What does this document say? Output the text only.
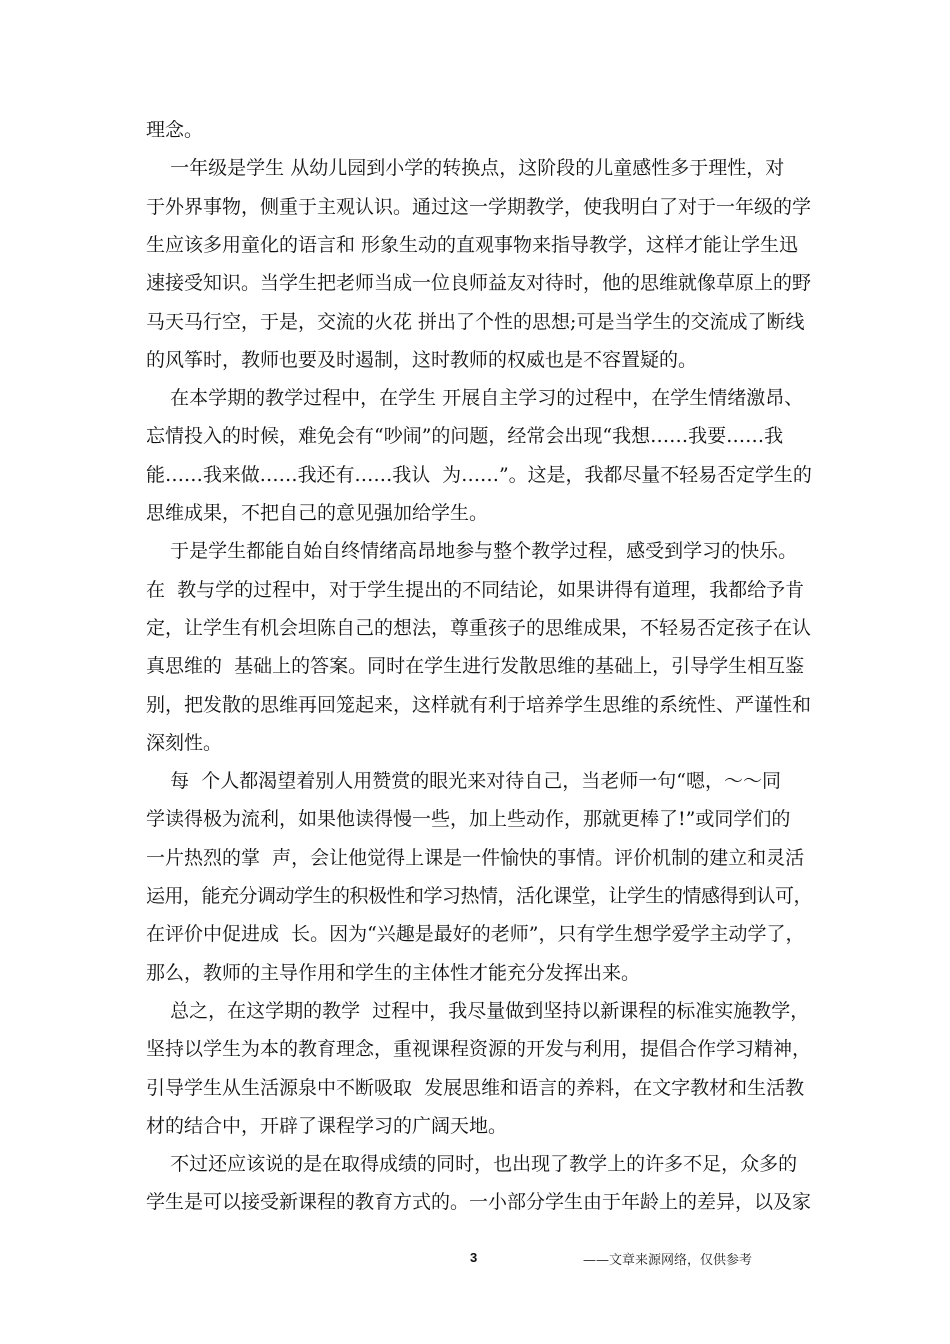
理念。
一年级是学生 从幼儿园到小学的转换点，这阶段的儿童感性多于理性，对
于外界事物，侧重于主观认识。通过这一学期教学，使我明白了对于一年级的学
生应该多用童化的语言和 形象生动的直观事物来指导教学，这样才能让学生迅
速接受知识。当学生把老师当成一位良师益友对待时，他的思维就像草原上的野
马天马行空，于是，交流的火花 拼出了个性的思想;可是当学生的交流成了断线
的风筝时，教师也要及时遏制，这时教师的权威也是不容置疑的。
在本学期的教学过程中，在学生 开展自主学习的过程中，在学生情绪激昂、
忘情投入的时候，难免会有“吵闹”的问题，经常会出现“我想……我要……我
能……我来做……我还有……我认  为……”。这是，我都尽量不轻易否定学生的
思维成果，不把自己的意见强加给学生。
于是学生都能自始自终情绪高昂地参与整个教学过程，感受到学习的快乐。
在  教与学的过程中，对于学生提出的不同结论，如果讲得有道理，我都给予肯
定，让学生有机会坦陈自己的想法，尊重孩子的思维成果，不轻易否定孩子在认
真思维的  基础上的答案。同时在学生进行发散思维的基础上，引导学生相互鉴
别，把发散的思维再回笼起来，这样就有利于培养学生思维的系统性、严谨性和
深刻性。
每  个人都渴望着别人用赞赏的眼光来对待自己，当老师一句“嗯，～～同
学读得极为流利，如果他读得慢一些，加上些动作，那就更棒了!”或同学们的
一片热烈的掌  声，会让他觉得上课是一件愉快的事情。评价机制的建立和灵活
运用，能充分调动学生的积极性和学习热情，活化课堂，让学生的情感得到认可，
在评价中促进成  长。因为“兴趣是最好的老师”，只有学生想学爱学主动学了，
那么，教师的主导作用和学生的主体性才能充分发挥出来。
总之，在这学期的教学  过程中，我尽量做到坚持以新课程的标准实施教学，
坚持以学生为本的教育理念，重视课程资源的开发与利用，提倡合作学习精神，
引导学生从生活源泉中不断吸取  发展思维和语言的养料，在文字教材和生活教
材的结合中，开辟了课程学习的广阔天地。
不过还应该说的是在取得成绩的同时，也出现了教学上的许多不足，众多的
学生是可以接受新课程的教育方式的。一小部分学生由于年龄上的差异，以及家
3	——文章来源网络，仅供参考
